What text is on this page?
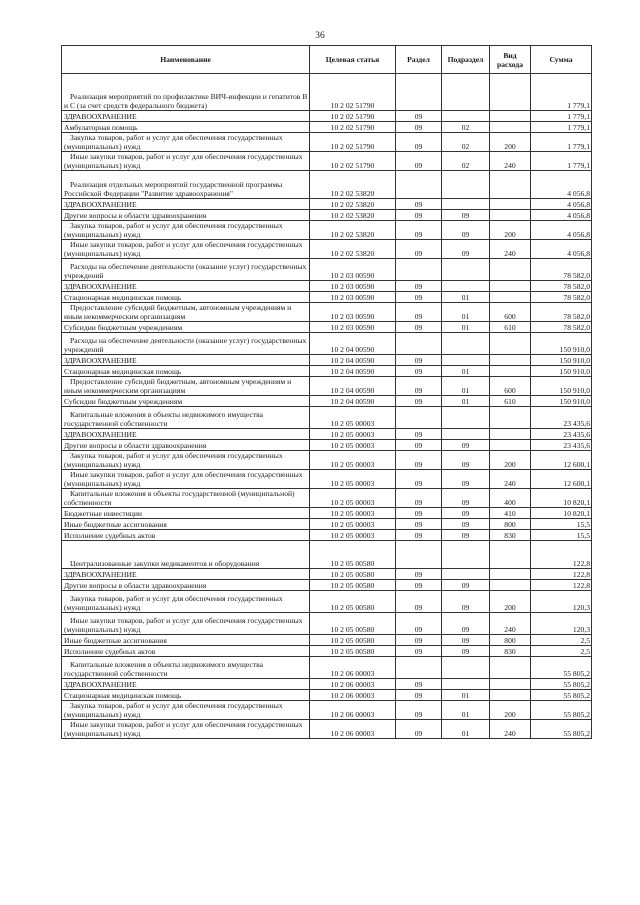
36
Наименование	Целевая статья	Раздел	Подраздел	Вид расхода	Сумма
Реализация мероприятий по профилактике ВИЧ-инфекции и гепатитов В и С (за счет средств федерального бюджета)	10 2 02 51790				1 779,1
ЗДРАВООХРАНЕНИЕ	10 2 02 51790	09			1 779,1
Амбулаторная помощь	10 2 02 51790	09	02		1 779,1
Закупка товаров, работ и услуг для обеспечения государственных (муниципальных) нужд	10 2 02 51790	09	02	200	1 779,1
Иные закупки товаров, работ и услуг для обеспечения государственных (муниципальных) нужд	10 2 02 51790	09	02	240	1 779,1
Реализация отдельных мероприятий государственной программы Российской Федерации "Развитие здравоохранения"	10 2 02 53820				4 056,8
ЗДРАВООХРАНЕНИЕ	10 2 02 53820	09			4 056,8
Другие вопросы в области здравоохранения	10 2 02 53820	09	09		4 056,8
Закупка товаров, работ и услуг для обеспечения государственных (муниципальных) нужд	10 2 02 53820	09	09	200	4 056,8
Иные закупки товаров, работ и услуг для обеспечения государственных (муниципальных) нужд	10 2 02 53820	09	09	240	4 056,8
Расходы на обеспечение деятельности (оказание услуг) государственных учреждений	10 2 03 00590				78 582,0
ЗДРАВООХРАНЕНИЕ	10 2 03 00590	09			78 582,0
Стационарная медицинская помощь	10 2 03 00590	09	01		78 582,0
Предоставление субсидий бюджетным, автономным учреждениям и иным некоммерческим организациям	10 2 03 00590	09	01	600	78 582,0
Субсидии бюджетным учреждениям	10 2 03 00590	09	01	610	78 582,0
Расходы на обеспечение деятельности (оказание услуг) государственных учреждений	10 2 04 00590				150 910,0
ЗДРАВООХРАНЕНИЕ	10 2 04 00590	09			150 910,0
Стационарная медицинская помощь	10 2 04 00590	09	01		150 910,0
Предоставление субсидий бюджетным, автономным учреждениям и иным некоммерческим организациям	10 2 04 00590	09	01	600	150 910,0
Субсидии бюджетным учреждениям	10 2 04 00590	09	01	610	150 910,0
Капитальные вложения в объекты недвижимого имущества государственной собственности	10 2 05 00003				23 435,6
ЗДРАВООХРАНЕНИЕ	10 2 05 00003	09			23 435,6
Другие вопросы в области здравоохранения	10 2 05 00003	09	09		23 435,6
Закупка товаров, работ и услуг для обеспечения государственных (муниципальных) нужд	10 2 05 00003	09	09	200	12 600,1
Иные закупки товаров, работ и услуг для обеспечения государственных (муниципальных) нужд	10 2 05 00003	09	09	240	12 600,1
Капитальные вложения в объекты государственной (муниципальной) собственности	10 2 05 00003	09	09	400	10 820,1
Бюджетные инвестиции	10 2 05 00003	09	09	410	10 820,1
Иные бюджетные ассигнования	10 2 05 00003	09	09	800	15,5
Исполнение судебных актов	10 2 05 00003	09	09	830	15,5
Централизованные закупки медикаментов и оборудования	10 2 05 00580				122,8
ЗДРАВООХРАНЕНИЕ	10 2 05 00580	09			122,8
Другие вопросы в области здравоохранения	10 2 05 00580	09	09		122,8
Закупка товаров, работ и услуг для обеспечения государственных (муниципальных) нужд	10 2 05 00580	09	09	200	120,3
Иные закупки товаров, работ и услуг для обеспечения государственных (муниципальных) нужд	10 2 05 00580	09	09	240	120,3
Иные бюджетные ассигнования	10 2 05 00580	09	09	800	2,5
Исполнение судебных актов	10 2 05 00580	09	09	830	2,5
Капитальные вложения в объекты недвижимого имущества государственной собственности	10 2 06 00003				55 805,2
ЗДРАВООХРАНЕНИЕ	10 2 06 00003	09			55 805,2
Стационарная медицинская помощь	10 2 06 00003	09	01		55 805,2
Закупка товаров, работ и услуг для обеспечения государственных (муниципальных) нужд	10 2 06 00003	09	01	200	55 805,2
Иные закупки товаров, работ и услуг для обеспечения государственных (муниципальных) нужд	10 2 06 00003	09	01	240	55 805,2
